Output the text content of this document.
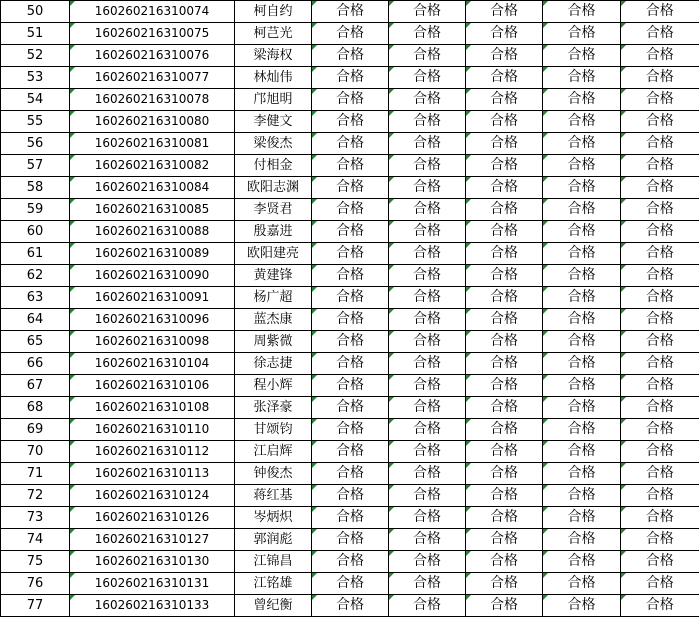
50	160260216310074	柯自约	合格	合格	合格	合格	合格
51	160260216310075	柯芑光	合格	合格	合格	合格	合格
52	160260216310076	梁海权	合格	合格	合格	合格	合格
53	160260216310077	林灿伟	合格	合格	合格	合格	合格
54	160260216310078	邝旭明	合格	合格	合格	合格	合格
55	160260216310080	李健文	合格	合格	合格	合格	合格
56	160260216310081	梁俊杰	合格	合格	合格	合格	合格
57	160260216310082	付相金	合格	合格	合格	合格	合格
58	160260216310084	欧阳志渊	合格	合格	合格	合格	合格
59	160260216310085	李贤君	合格	合格	合格	合格	合格
60	160260216310088	殷嘉进	合格	合格	合格	合格	合格
61	160260216310089	欧阳建亮	合格	合格	合格	合格	合格
62	160260216310090	黄建锋	合格	合格	合格	合格	合格
63	160260216310091	杨广超	合格	合格	合格	合格	合格
64	160260216310096	蓝杰康	合格	合格	合格	合格	合格
65	160260216310098	周紫微	合格	合格	合格	合格	合格
66	160260216310104	徐志捷	合格	合格	合格	合格	合格
67	160260216310106	程小辉	合格	合格	合格	合格	合格
68	160260216310108	张泽豪	合格	合格	合格	合格	合格
69	160260216310110	甘颂钧	合格	合格	合格	合格	合格
70	160260216310112	江启辉	合格	合格	合格	合格	合格
71	160260216310113	钟俊杰	合格	合格	合格	合格	合格
72	160260216310124	蒋红基	合格	合格	合格	合格	合格
73	160260216310126	岑炳炽	合格	合格	合格	合格	合格
74	160260216310127	郭润彪	合格	合格	合格	合格	合格
75	160260216310130	江锦昌	合格	合格	合格	合格	合格
76	160260216310131	江铭雄	合格	合格	合格	合格	合格
77	160260216310133	曾纪衡	合格	合格	合格	合格	合格
